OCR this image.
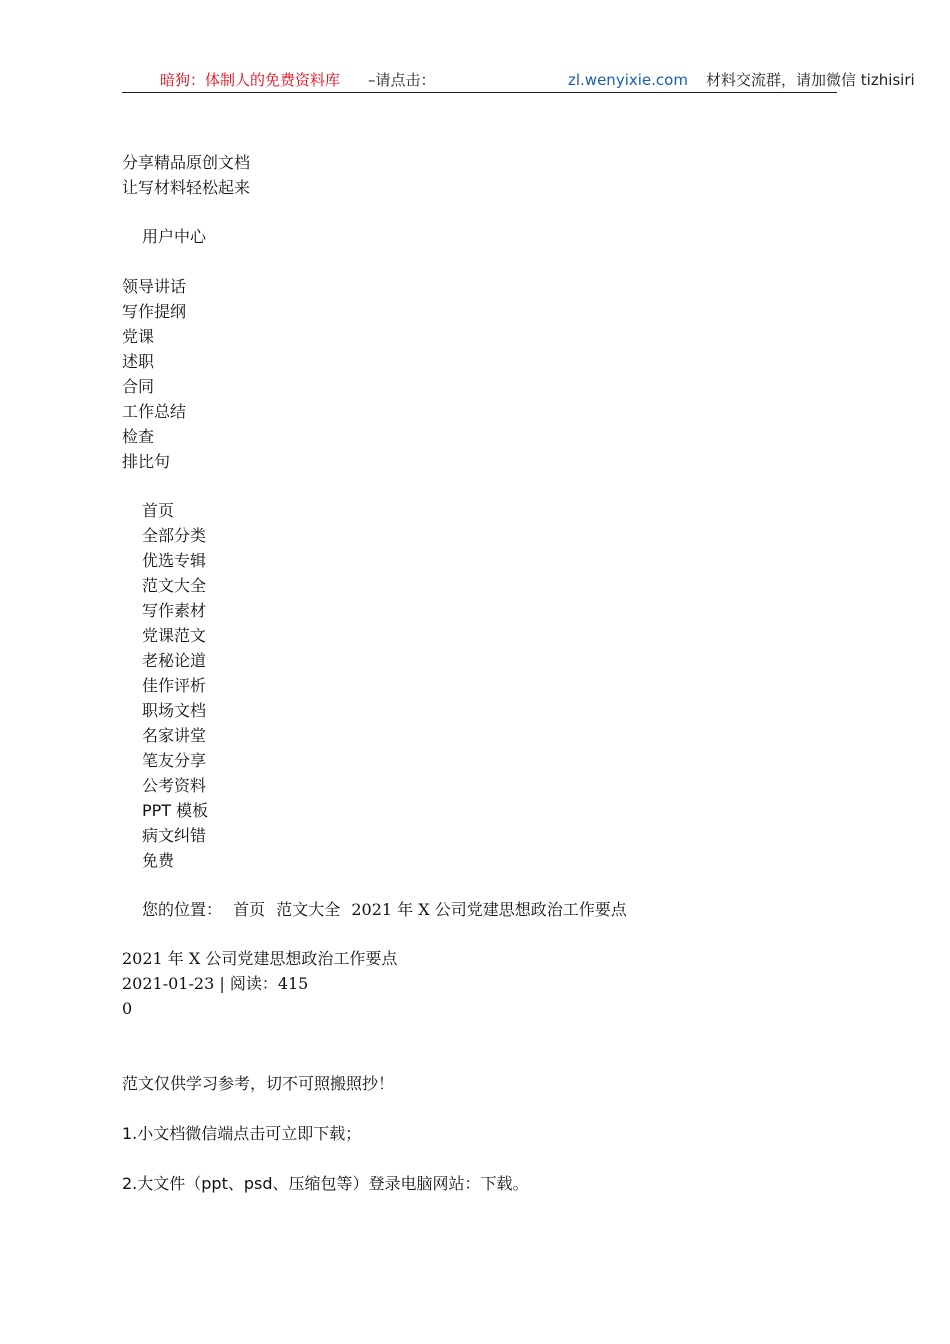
暗狗：体制人的免费资料库 –请点击：	zl.wenyixie.com 材料交流群，请加微信 tizhisiri
分享精品原创文档
让写材料轻松起来
用户中心
领导讲话
写作提纲
党课
述职
合同
工作总结
检查
排比句
首页
全部分类
优选专辑
范文大全
写作素材
党课范文
老秘论道
佳作评析
职场文档
名家讲堂
笔友分享
公考资料
PPT 模板
病文纠错
免费
您的位置： 首页 范文大全 2021 年 X 公司党建思想政治工作要点
2021 年 X 公司党建思想政治工作要点
2021-01-23 | 阅读：415
0
范文仅供学习参考，切不可照搬照抄！
1.小文档微信端点击可立即下载；
2.大文件（ppt、psd、压缩包等）登录电脑网站：下载。
